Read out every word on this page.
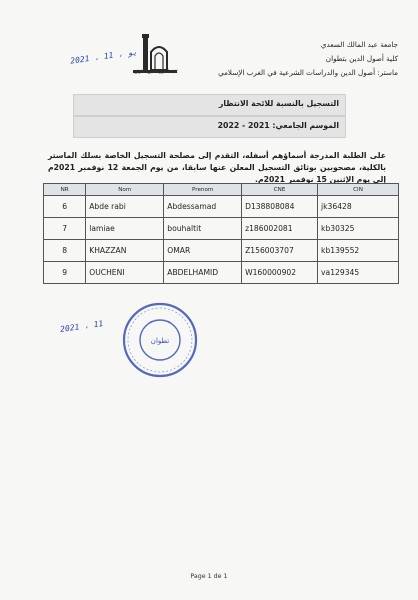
جامعة عبد المالك السعدي
كلية أصول الدين بتطوان
ماستر: أصول الدين والدراسات الشرعية في الغرب الإسلامي
كلية أصول الدين تطوان
2021 ، يو ، 11
التسجيل بالنسبة للائحة الانتظار
الموسم الجامعي: 2021 - 2022
على الطلبة المدرجة أسماؤهم أسفله، التقدم إلى مصلحة التسجيل الخاصة بسلك الماستر بالكلية، مصحوبين بوثائق التسجيل المعلن عنها سابقا، من يوم الجمعة 12 نوفمبر 2021م إلى يوم الإثنين 15 نوفمبر 2021م.
NR	Nom	Prenom	CNE	CIN
6	Abde rabi	Abdessamad	D138808084	jk36428
7	lamiae	bouhaltit	z186002081	kb30325
8	KHAZZAN	OMAR	Z156003707	kb139552
9	OUCHENI	ABDELHAMID	W160000902	va129345
2021 ، 11
تطوان
Page 1 de 1
